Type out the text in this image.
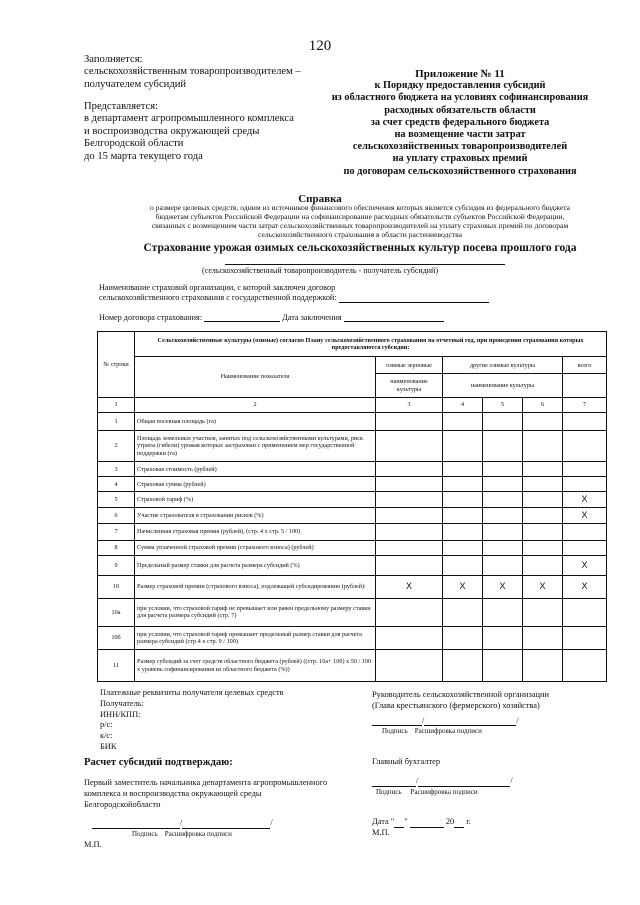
120
Заполняется:
сельскохозяйственным товаропроизводителем –
получателем субсидий
Представляется:
в департамент агропромышленного комплекса
и воспроизводства окружающей среды
Белгородской области
до 15 марта текущего года
Приложение № 11
к Порядку предоставления субсидий
из областного бюджета на условиях софинансирования
расходных обязательств области
за счет средств федерального бюджета
на возмещение части затрат
сельскохозяйственных товаропроизводителей
на уплату страховых премий
по договорам сельскохозяйственного страхования
Справка
о размере целевых средств, одним из источников финансового обеспечения которых является субсидия из федерального бюджета
бюджетам субъектов Российской Федерации на софинансирование расходных обязательств субъектов Российской Федерации,
связанных с возмещением части затрат сельскохозяйственных товаропроизводителей на уплату страховых премий по договорам
сельскохозяйственного страхования в области растениеводства
Страхование урожая озимых сельскохозяйственных культур посева прошлого года
(сельскохозяйственный товаропроизводитель - получатель субсидий)
Наименование страховой организации, с которой заключен договор
сельскохозяйственного страхования с государственной поддержкой:
Номер договора страхования:	Дата заключения
№ строки	Сельскохозяйственные культуры (озимые) согласно Плану сельскохозяйственного страхования на отчетный год, при проведении страхования которых предоставляются субсидии:					
	Наименование показателя	озимые зерновые	другие озимые культуры			всего
		наименование культуры	наименование культуры			
1	2	3	4	5	6	7
1	Общая посевная площадь (га)					
2	Площадь земельных участков, занятых под сельскохозяйственными культурами, риск утраты (гибели) урожая которых застрахован с применением мер государственной поддержки (га)					
3	Страховая стоимость (рублей)					
4	Страховая сумма (рублей)					
5	Страховой тариф (%)					X
6	Участие страхователя в страховании рисков (%)					X
7	Начисленная страховая премия (рублей), (стр. 4 х стр. 5 / 100)					
8	Сумма уплаченной страховой премии (страхового взноса) (рублей)					
9	Предельный размер ставки для расчета размера субсидий (%)					X
10	Размер страховой премии (страхового взноса), подлежащей субсидированию (рублей):	X	X	X	X	X
10а	при условии, что страховой тариф не превышает или равен предельному размеру ставки для расчета размера субсидий (стр. 7)					
10б	при условии, что страховой тариф превышает предельный размер ставки для расчета размера субсидий (стр.4 х стр. 9 / 100)					
11	Размер субсидий за счет средств областного бюджета (рублей) ((стр. 10а+ 10б) x 50 / 100 x уровень софинансирования из областного бюджета (%))					
Платежные реквизиты получателя целевых средств
Получатель:
ИНН/КПП:
р/с:
к/с:
БИК
Руководитель сельскохозяйственной организации
(Глава крестьянского (фермерского) хозяйства)
/	/
Подпись Расшифровка подписи
Расчет субсидий подтверждаю:
Первый заместитель начальника департамента агропромышленного
комплекса и воспроизводства окружающей среды
Белгородскойобласти
/	/
Подпись Расшифровка подписи
М.П.
Главный бухгалтер
/	/
Подпись Расшифровка подписи
Дата " "	20 г.
М.П.
